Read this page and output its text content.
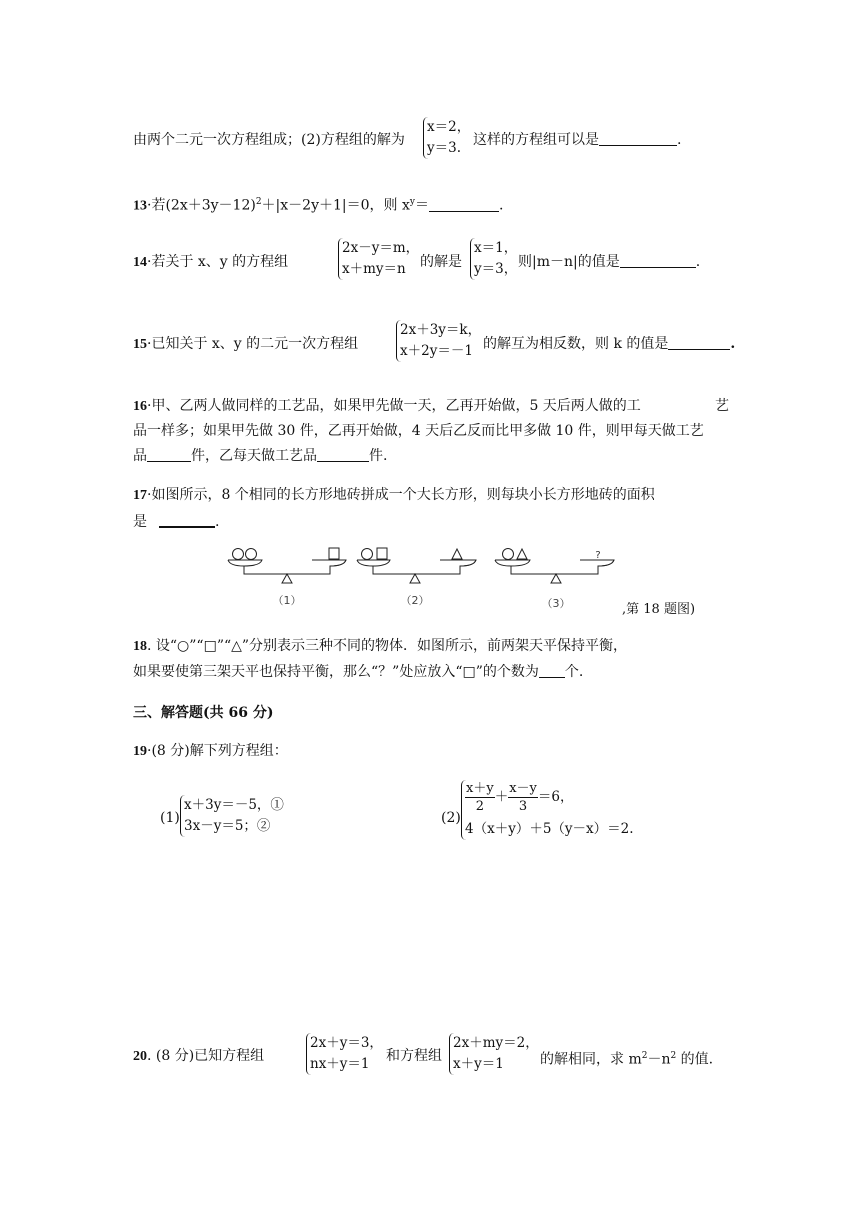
由两个二元一次方程组成；(2)方程组的解为
x＝2，
y＝3. 这样的方程组可以是	.
13·若$(2x+3y-12)^2+|x-2y+1|=0$，则 $x^y=$	.
14·若关于 x、y 的方程组
2x－y＝m，
x＋my＝n	的解是
x＝1，
y＝3， 则|m－n|的值是	.
15·已知关于 x、y 的二元一次方程组
2x＋3y＝k，
x＋2y＝－1 的解互为相反数，则 k 的值是	.
16·甲、乙两人做同样的工艺品，如果甲先做一天，乙再开始做，5 天后两人做的工	艺
品一样多；如果甲先做 30 件，乙再开始做，4 天后乙反而比甲多做 10 件，则甲每天做工艺
品	件，乙每天做工艺品	件.
17·如图所示，8 个相同的长方形地砖拼成一个大长方形，则每块小长方形地砖的面积
是	.
?
（1）	（2）	（3）	,第 18 题图)
18. 设“○”“□”“△”分别表示三种不同的物体．如图所示，前两架天平保持平衡，
如果要使第三架天平也保持平衡，那么“？”处应放入“□”的个数为 个.
三、解答题(共 66 分)
19·(8 分)解下列方程组：
(1)
x＋3y＝－5，①
3x－y＝5；②	(2)
$\frac{x+y}{2} + \frac{x-y}{3} =6$，
4（x＋y）＋5（y－x）＝2.
20. (8 分)已知方程组
2x＋y＝3，
nx＋y＝1	和方程组
2x＋my＝2，
x＋y＝1	的解相同，求 $m^2-n^2$ 的值.
